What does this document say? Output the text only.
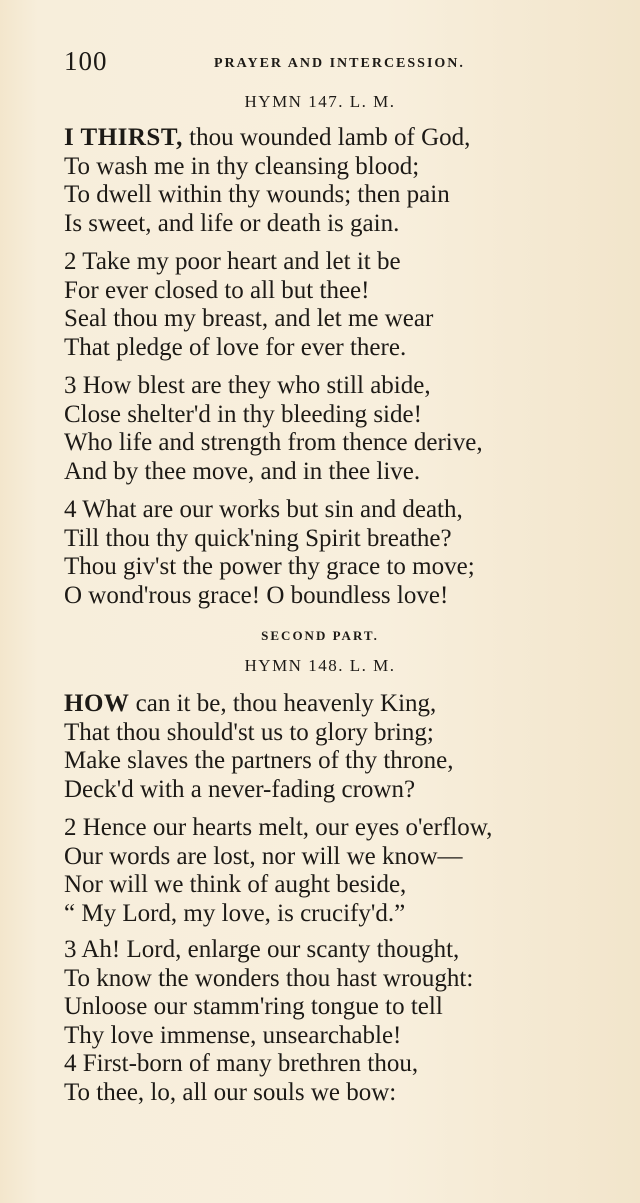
100	PRAYER AND INTERCESSION.
HYMN 147. L. M.
I THIRST, thou wounded lamb of God,
To wash me in thy cleansing blood;
To dwell within thy wounds; then pain
Is sweet, and life or death is gain.
2 Take my poor heart and let it be
For ever closed to all but thee!
Seal thou my breast, and let me wear
That pledge of love for ever there.
3 How blest are they who still abide,
Close shelter'd in thy bleeding side!
Who life and strength from thence derive,
And by thee move, and in thee live.
4 What are our works but sin and death,
Till thou thy quick'ning Spirit breathe?
Thou giv'st the power thy grace to move;
O wond'rous grace! O boundless love!
SECOND PART.
HYMN 148. L. M.
HOW can it be, thou heavenly King,
That thou should'st us to glory bring;
Make slaves the partners of thy throne,
Deck'd with a never-fading crown?
2 Hence our hearts melt, our eyes o'erflow,
Our words are lost, nor will we know—
Nor will we think of aught beside,
“ My Lord, my love, is crucify'd.”
3 Ah! Lord, enlarge our scanty thought,
To know the wonders thou hast wrought:
Unloose our stamm'ring tongue to tell
Thy love immense, unsearchable!
4 First-born of many brethren thou,
To thee, lo, all our souls we bow:
